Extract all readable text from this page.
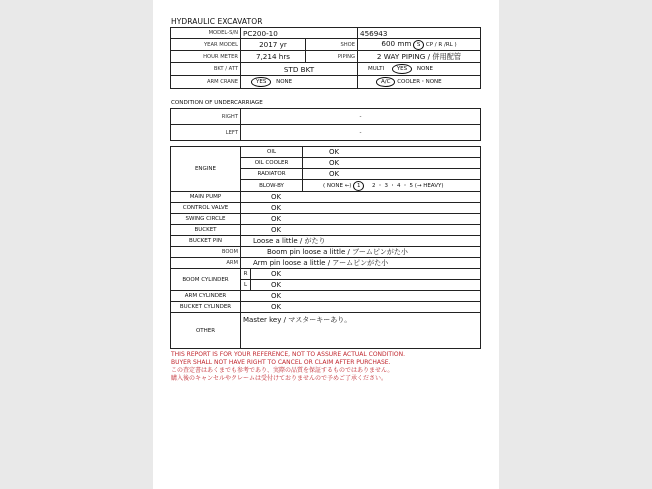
HYDRAULIC EXCAVATOR
MODEL-S/N	PC200-10		456943
YEAR MODEL	2017 yr	SHOE	600 mm S CP / R /RL )
HOUR METER	7,214 hrs	PIPING	2 WAY PIPING / 併用配管
BKT / ATT	STD BKT		MULTI YES NONE
ARM CRANE	YES NONE		A/C COOLER・NONE
CONDITION OF UNDERCARRIAGE
RIGHT	-
LEFT	-
ENGINE	OIL		OK
	OIL COOLER		OK
	RADIATOR		OK
	BLOW-BY		( NONE ←) 1 2 ・ 3 ・ 4 ・ 5 (→ HEAVY)
MAIN PUMP	OK		
CONTROL VALVE	OK		
SWING CIRCLE	OK		
BUCKET	OK		
BUCKET PIN	Loose a little / がたり		
BOOM	Boom pin loose a little / ブームピンがた小		
ARM	Arm pin loose a little / アームピンがた小		
BOOM CYLINDER	R	OK	
	L	OK	
ARM CYLINDER	OK		
BUCKET CYLINDER	OK		
OTHER	Master key / マスターキーあり。		
THIS REPORT IS FOR YOUR REFERENCE, NOT TO ASSURE ACTUAL CONDITION.
BUYER SHALL NOT HAVE RIGHT TO CANCEL OR CLAIM AFTER PURCHASE.
この査定書はあくまでも参考であり、実際の品質を保証するものではありません。
購入後のキャンセルやクレームは受付けておりませんので予めご了承ください。
